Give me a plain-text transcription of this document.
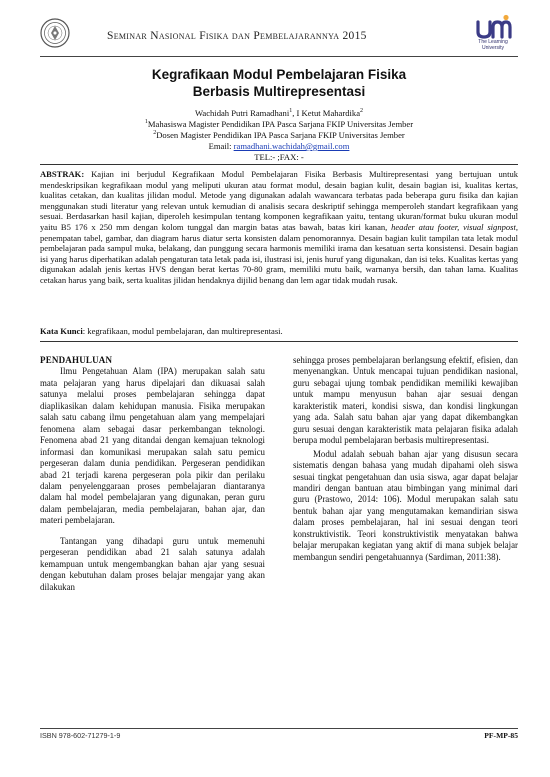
Seminar Nasional Fisika dan Pembelajarannya 2015	The Learning
University
Kegrafikaan Modul Pembelajaran Fisika
Berbasis Multirepresentasi
Wachidah Putri Ramadhani$^1$, I Ketut Mahardika$^2$
$^1$Mahasiswa Magister Pendidikan IPA Pasca Sarjana FKIP Universitas Jember
$^2$Dosen Magister Pendidikan IPA Pasca Sarjana FKIP Universitas Jember
Email: ramadhani.wachidah@gmail.com
TEL:- ;FAX: -
ABSTRAK: Kajian ini berjudul Kegrafikaan Modul Pembelajaran Fisika Berbasis Multirepresentasi yang bertujuan untuk mendeskripsikan kegrafikaan modul yang meliputi ukuran atau format modul, desain bagian kulit, desain bagian isi, kualitas kertas, kualitas cetakan, dan kualitas jilidan modul. Metode yang digunakan adalah wawancara terbatas pada beberapa guru fisika dan kajian menggunakan studi literatur yang relevan untuk kemudian di analisis secara deskriptif sehingga memperoleh standart kegrafikaan yang sesuai. Berdasarkan hasil kajian, diperoleh kesimpulan tentang komponen kegrafikaan yaitu, tentang ukuran/format buku ukuran modul yaitu B5 176 x 250 mm dengan kolom tunggal dan margin batas atas bawah, batas kiri kanan, header atau footer, visual signpost, penempatan tabel, gambar, dan diagram harus diatur serta konsisten dalam penomorannya. Desain bagian kulit tampilan tata letak modul pembelajaran pada sampul muka, belakang, dan punggung secara harmonis memiliki irama dan kesatuan serta konsistensi. Desain bagian isi yang harus diperhatikan adalah pengaturan tata letak pada isi, ilustrasi isi, jenis huruf yang digunakan, dan isi teks. Kualitas kertas yang digunakan adalah jenis kertas HVS dengan berat kertas 70-80 gram, memiliki mutu baik, warnanya bersih, dan tahan lama. Kualitas cetakan harus yang baik, serta kualitas jilidan hendaknya dijilid benang dan lem agar tidak mudah rusak.
Kata Kunci: kegrafikaan, modul pembelajaran, dan multirepresentasi.
PENDAHULUAN

Ilmu Pengetahuan Alam (IPA) merupakan salah satu mata pelajaran yang harus dipelajari dan dikuasai salah satunya melalui proses pembelajaran sehingga dapat diaplikasikan dalam kehidupan manusia. Fisika merupakan salah satu cabang ilmu pengetahuan alam yang mempelajari fenomena alam sebagai dasar perkembangan teknologi. Fenomena abad 21 yang ditandai dengan kemajuan teknologi informasi dan komunikasi merupakan salah satu pemicu pergeseran dalam dunia pendidikan. Pergeseran pendidikan abad 21 terjadi karena pergeseran pola pikir dan perilaku dalam penyelenggaraan proses pembelajaran diantaranya dalam hal model pembelajaran yang digunakan, peran guru dalam pembelajaran, media pembelajaran, bahan ajar, dan materi pembelajaran.

Tantangan yang dihadapi guru untuk memenuhi pergeseran pendidikan abad 21 salah satunya adalah kemampuan untuk mengembangkan bahan ajar yang sesuai dengan kebutuhan dalam proses belajar mengajar yang akan dilakukan

sehingga proses pembelajaran berlangsung efektif, efisien, dan menyenangkan. Untuk mencapai tujuan pendidikan nasional, guru sebagai ujung tombak pendidikan memiliki kewajiban untuk mampu menyusun bahan ajar sesuai dengan karakteristik materi, kondisi siswa, dan kondisi lingkungan yang ada. Salah satu bahan ajar yang dapat dikembangkan guru sesuai dengan karakteristik mata pelajaran fisika adalah berupa modul pembelajaran berbasis multirepresentasi.

Modul adalah sebuah bahan ajar yang disusun secara sistematis dengan bahasa yang mudah dipahami oleh siswa sesuai tingkat pengetahuan dan usia siswa, agar dapat belajar mandiri dengan bantuan atau bimbingan yang minimal dari guru (Prastowo, 2014: 106). Modul merupakan salah satu bentuk bahan ajar yang mengutamakan kemandirian siswa dalam proses pembelajaran, hal ini sesuai dengan teori konstruktivistik. Teori konstruktivistik menyatakan bahwa belajar merupakan kegiatan yang aktif di mana subjek belajar membangun sendiri pengetahuannya (Sardiman, 2011:38).

ISBN 978-602-71279-1-9	PF-MP-85
